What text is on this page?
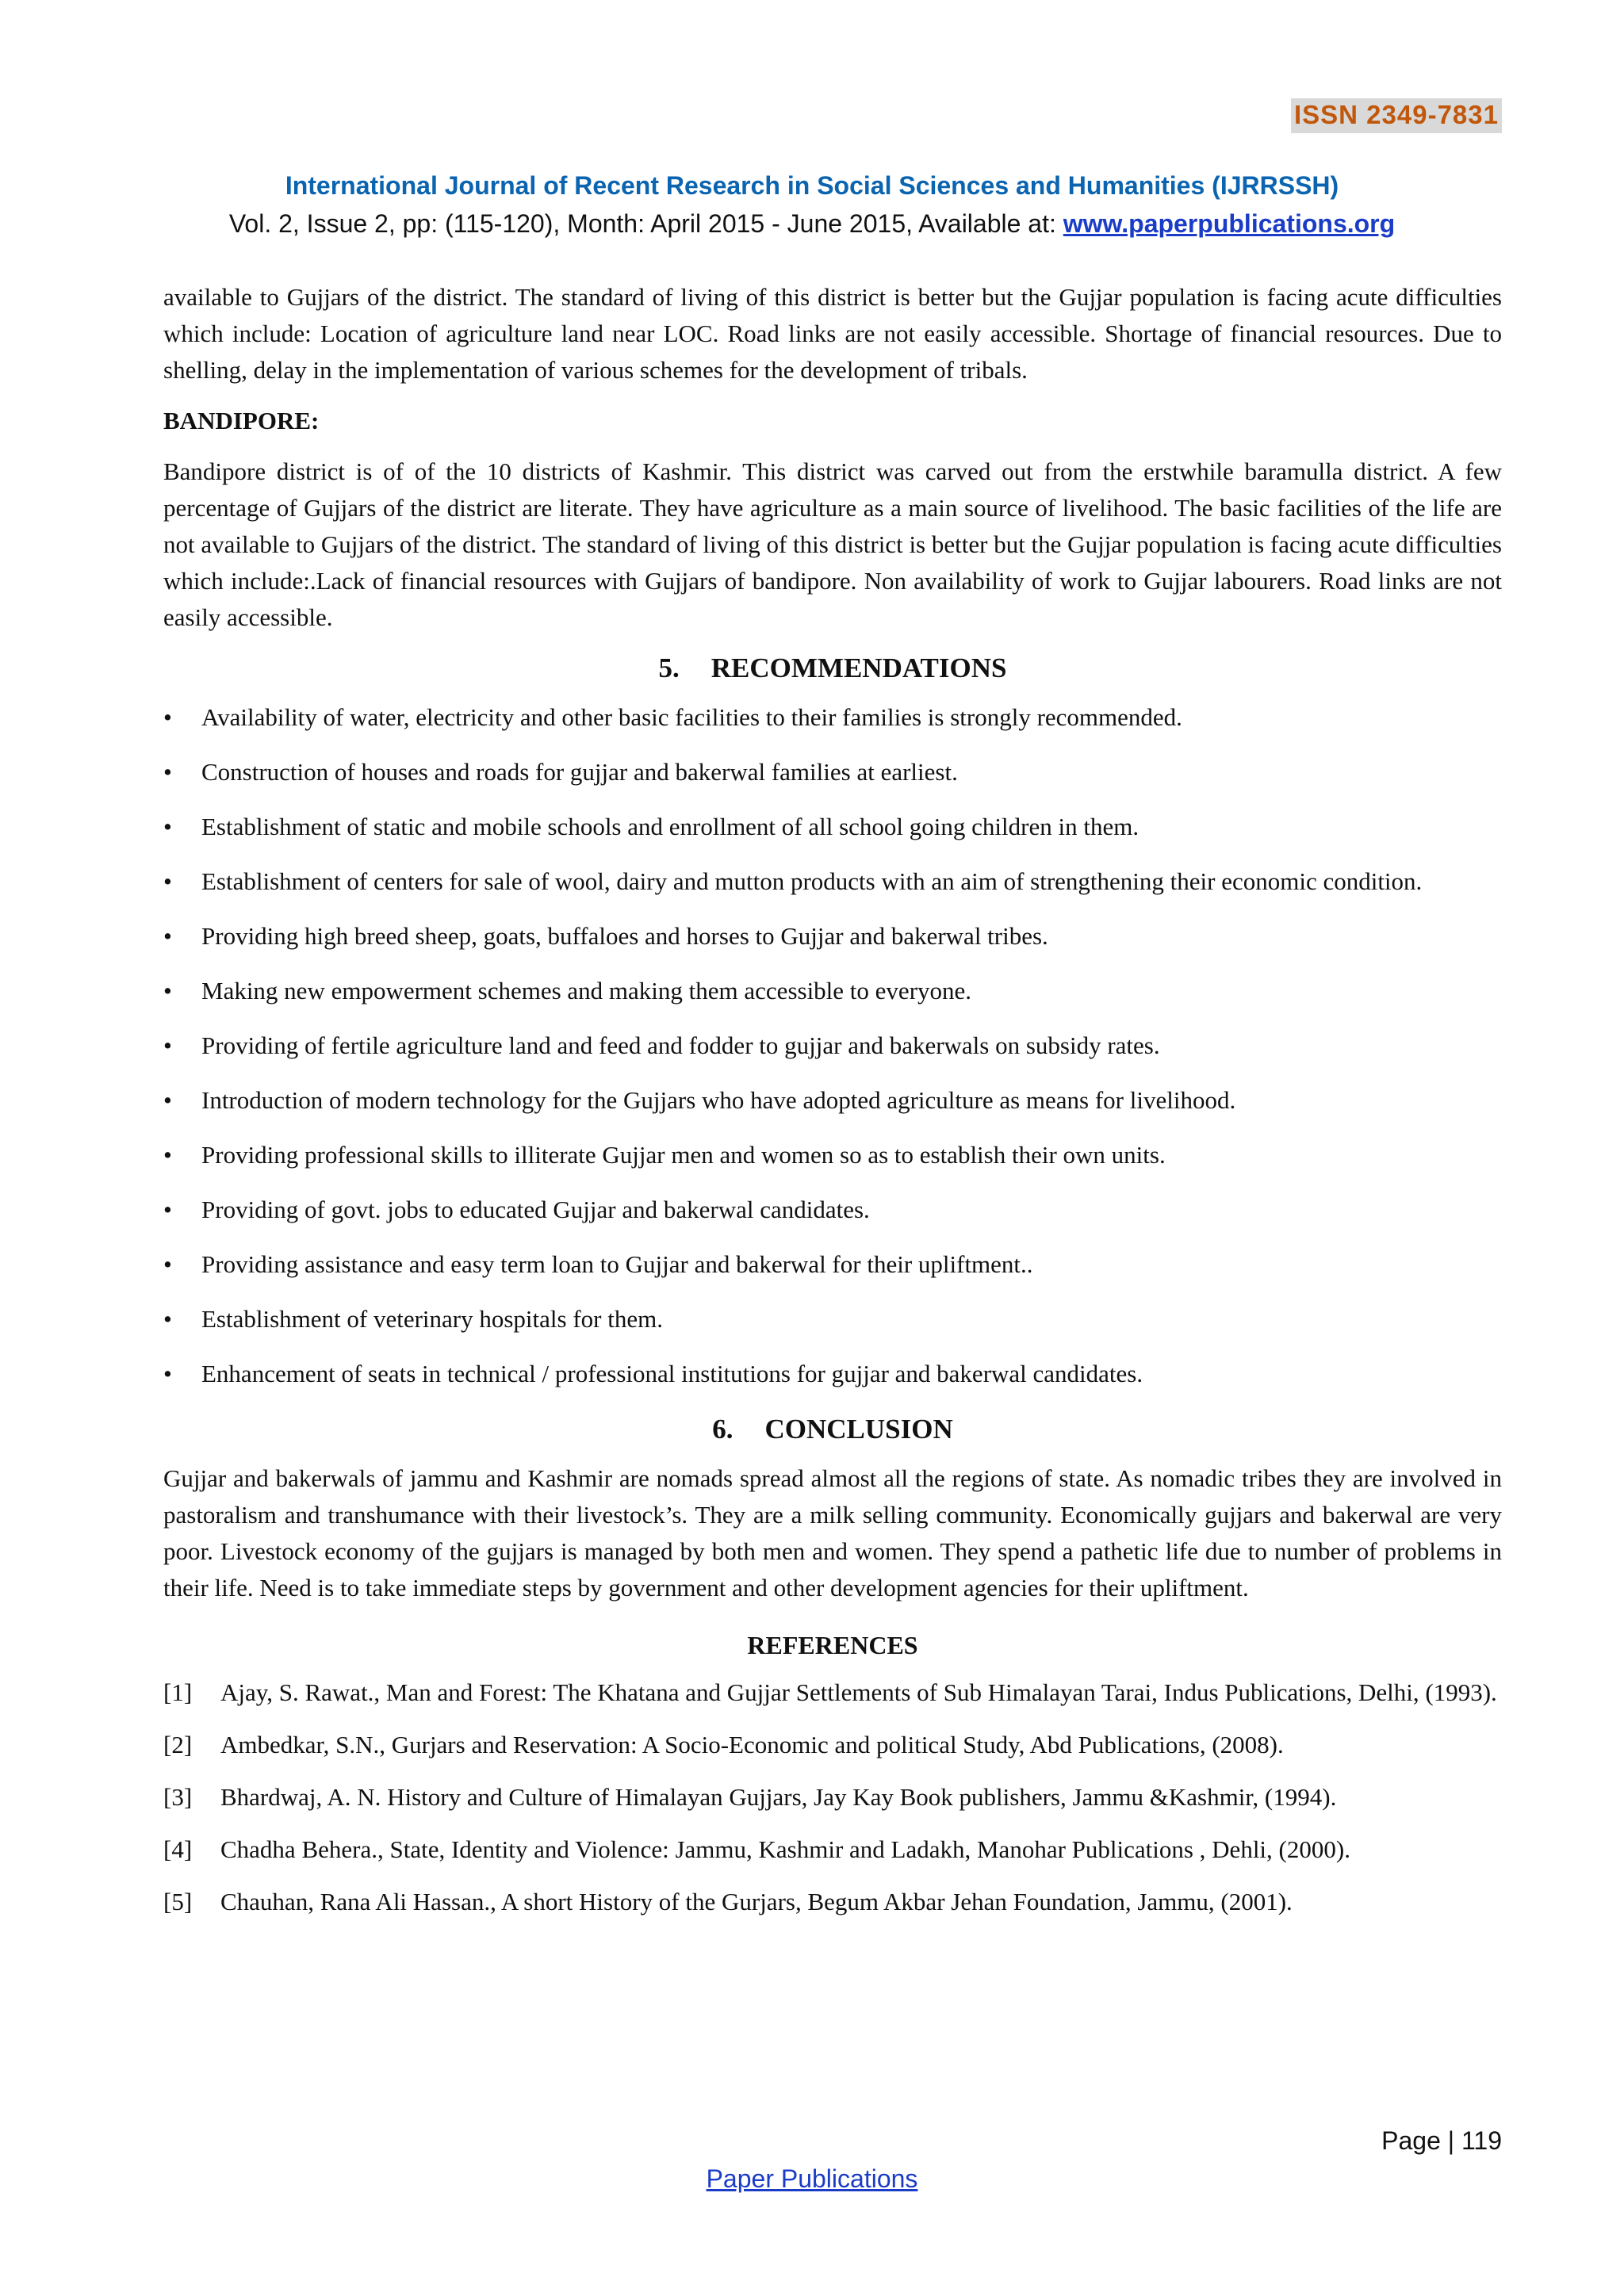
ISSN 2349-7831
International Journal of Recent Research in Social Sciences and Humanities (IJRRSSH)
Vol. 2, Issue 2, pp: (115-120), Month: April 2015 - June 2015, Available at: www.paperpublications.org

available to Gujjars of the district. The standard of living of this district is better but the Gujjar population is facing acute difficulties which include: Location of agriculture land near LOC. Road links are not easily accessible. Shortage of financial resources. Due to shelling, delay in the implementation of various schemes for the development of tribals.

BANDIPORE:

Bandipore district is of of the 10 districts of Kashmir. This district was carved out from the erstwhile baramulla district. A few percentage of Gujjars of the district are literate. They have agriculture as a main source of livelihood. The basic facilities of the life are not available to Gujjars of the district. The standard of living of this district is better but the Gujjar population is facing acute difficulties which include:.Lack of financial resources with Gujjars of bandipore. Non availability of work to Gujjar labourers. Road links are not easily accessible.

5. RECOMMENDATIONS
• Availability of water, electricity and other basic facilities to their families is strongly recommended.
• Construction of houses and roads for gujjar and bakerwal families at earliest.
• Establishment of static and mobile schools and enrollment of all school going children in them.
• Establishment of centers for sale of wool, dairy and mutton products with an aim of strengthening their economic condition.
• Providing high breed sheep, goats, buffaloes and horses to Gujjar and bakerwal tribes.
• Making new empowerment schemes and making them accessible to everyone.
• Providing of fertile agriculture land and feed and fodder to gujjar and bakerwals on subsidy rates.
• Introduction of modern technology for the Gujjars who have adopted agriculture as means for livelihood.
• Providing professional skills to illiterate Gujjar men and women so as to establish their own units.
• Providing of govt. jobs to educated Gujjar and bakerwal candidates.
• Providing assistance and easy term loan to Gujjar and bakerwal for their upliftment..
• Establishment of veterinary hospitals for them.
• Enhancement of seats in technical / professional institutions for gujjar and bakerwal candidates.
6. CONCLUSION

Gujjar and bakerwals of jammu and Kashmir are nomads spread almost all the regions of state. As nomadic tribes they are involved in pastoralism and transhumance with their livestock’s. They are a milk selling community. Economically gujjars and bakerwal are very poor. Livestock economy of the gujjars is managed by both men and women. They spend a pathetic life due to number of problems in their life. Need is to take immediate steps by government and other development agencies for their upliftment.

REFERENCES
[1] Ajay, S. Rawat., Man and Forest: The Khatana and Gujjar Settlements of Sub Himalayan Tarai, Indus Publications, Delhi, (1993).
[2] Ambedkar, S.N., Gurjars and Reservation: A Socio-Economic and political Study, Abd Publications, (2008).
[3] Bhardwaj, A. N. History and Culture of Himalayan Gujjars, Jay Kay Book publishers, Jammu &Kashmir, (1994).
[4] Chadha Behera., State, Identity and Violence: Jammu, Kashmir and Ladakh, Manohar Publications , Dehli, (2000).
[5] Chauhan, Rana Ali Hassan., A short History of the Gurjars, Begum Akbar Jehan Foundation, Jammu, (2001).
Page | 119
Paper Publications
